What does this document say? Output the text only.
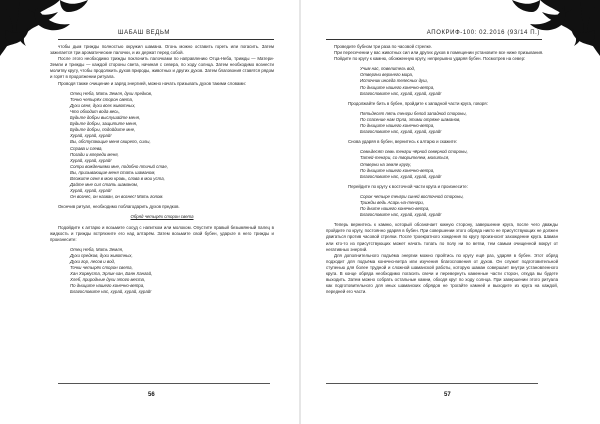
ШАБАШ ВЕДЬМ

чтобы дым трижды полностью окружил шамана. Огонь можно оставить гореть или погасить. Затем зажигается три ароматические палочки, и их держат перед собой.

После этого необходимо трижды поклонить палочками по направлению Отца-Неба, трижды — Матери-Земли и трижды — каждой стороны света, начиная с севера, по ходу солнца. Затем необходимо вознести молитву кругу, чтобы продолжить духов природы, животных и других духов. Затем благовония ставятся рядом и горят в продолжении ритуала.

Проводя также очищение и заряд энергией, можно начать призывать духов такими словами:

Отец Неба, Мать Земля, духи предков,
Точно четырёх сторон света,
Духи огня, духи всех животных,
Что обходит вода весь,
Будьте добры выслушайте меня,
Будьте добры, защитите меня,
Будьте добры, подойдите мне,
Хурай, хурай, хурай!
Вы, обступающие меня свирепо, силы,
Справа и слева,
Позади и впереди меня,
Хурай, хурай, хурай!
Сотри вождениями мне, подобно птичий стае,
Вы, призывающие меня стать шаманом,
Вложите огня в мою кровь, слова в мои уста,
Дайте мне сил стать шаманом,
Хурай, хурай, хурай!
Он вознес, он назван, он вознес! Мать голом.

Окончив ритуал, необходимо поблагодарить духов предков.

Обряд четырёх сторон света

Подойдите к алтарю и возьмите сосуд с напитком или молоком. Опустите правый безымянный палец в жидкость и трижды встряхните его над алтарём. Затем возьмите свой бубен, ударьте в него трижды и произнесите:

Отец Неба, Мать Земля,
Духи предков, духи животных,
Духи гор, лесов и вод,
Точки четырёх сторон света,
Хан Хормуста, Эрлик-хан, Баян Хангай,
Хлеб, природные духи этого места,
По дниците нашего конечно-ветра,
Благословите нас, хурай, хурай, хурай!
56
АПОКРИФ-100: 02.2016 (93/14 П.)

Проведите бубном три раза по часовой стрелке.

При пересечении у вас животных сил или других духов в помещении установите все ниже призывания.

Пойдите по кругу к камню, обожженную кругу, непрерывно ударяя бубен. Посмотрев на север:

Учим нас, повелитель вод,
Отвергни верхнего мира,
Источник иногда телесных душ,
По дниците нашего конечно-ветра,
Благословите нас, хурай, хурай, хурай!

Продолжайте бить в бубен, пройдите к западной части круга, говоря:

Пятьдесят пять тенгри белой западной стороны,
По спасение нам Орла, этими отряже шаманов,
По дниците нашего конечно-ветра,
Благословите нас, хурай, хурай, хурай!

Снова ударяя в бубен, вернитесь к алтарю и скажите:

Семьдесят семь тенгри чёрной северной стороны,
Татей-тенгри, со творителем, молиться,
Отверни на земле кругу,
По дниците нашего конечно-ветра,
Благословите нас, хурай, хурай, хурай!

Перейдите по кругу к восточной части круга и произнесите:

Сорок четыре тенгри синей восточной стороны,
Трижды ведь Асарь-на-тенгри,
По дните нашего конечно-ветра,
Благословите нас, хурай, хурай, хурай!

Теперь вернитесь к камню, который обозначает южную сторону, завершение круга, после чего дважды пройдите по кругу, постоянно ударяя в бубен. При совершении этого обряда никто не присутствующих не должен двигаться против часовой стрелки. После троекратного хождения по кругу произносит захождение круга. Шаман или кто-то из присутствующих может начать топать по полу ни по ветви, тем самым очищенной вокруг от негативных энергий.

Для дополнительного подъёма энергии можно пройтись по кругу ещё раз, ударяя в бубен. Этот обряд подходит для подъёма конечно-ветра или изучения благословения от духов. Он служит подготовительной ступенью для более трудной и сложной шаманской работы, которую шаман совершает внутри установленного круга. В конце обряда необходимо погасить свечи и перевернуть каменные части сторон, откуда вы будете выходить. Затем можно собрать остальные камни, обходя круг по ходу солнца. При завершении этого ритуала как подготовительного для иных шаманских обрядов не трогайте камней и выходите из круга на каждой, передней его части.

57
